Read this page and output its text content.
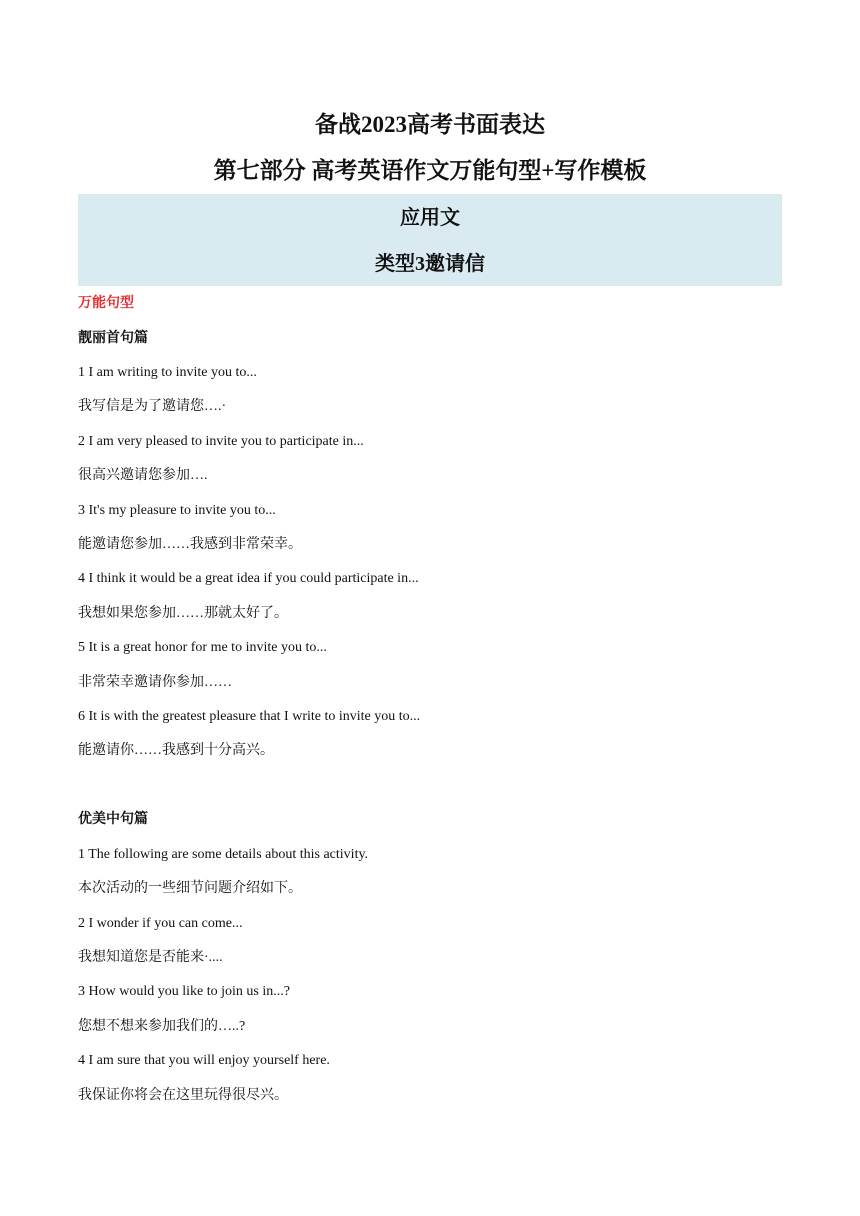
备战2023高考书面表达
第七部分 高考英语作文万能句型+写作模板
应用文
类型3邀请信
万能句型
靓丽首句篇
1 I am writing to invite you to...
我写信是为了邀请您….·
2 I am very pleased to invite you to participate in...
很高兴邀请您参加….
3 It's my pleasure to invite you to...
能邀请您参加……我感到非常荣幸。
4 I think it would be a great idea if you could participate in...
我想如果您参加……那就太好了。
5 It is a great honor for me to invite you to...
非常荣幸邀请你参加……
6 It is with the greatest pleasure that I write to invite you to...
能邀请你……我感到十分高兴。
优美中句篇
1 The following are some details about this activity.
本次活动的一些细节问题介绍如下。
2 I wonder if you can come...
我想知道您是否能来·....
3 How would you like to join us in...?
您想不想来参加我们的…..?
4 I am sure that you will enjoy yourself here.
我保证你将会在这里玩得很尽兴。
